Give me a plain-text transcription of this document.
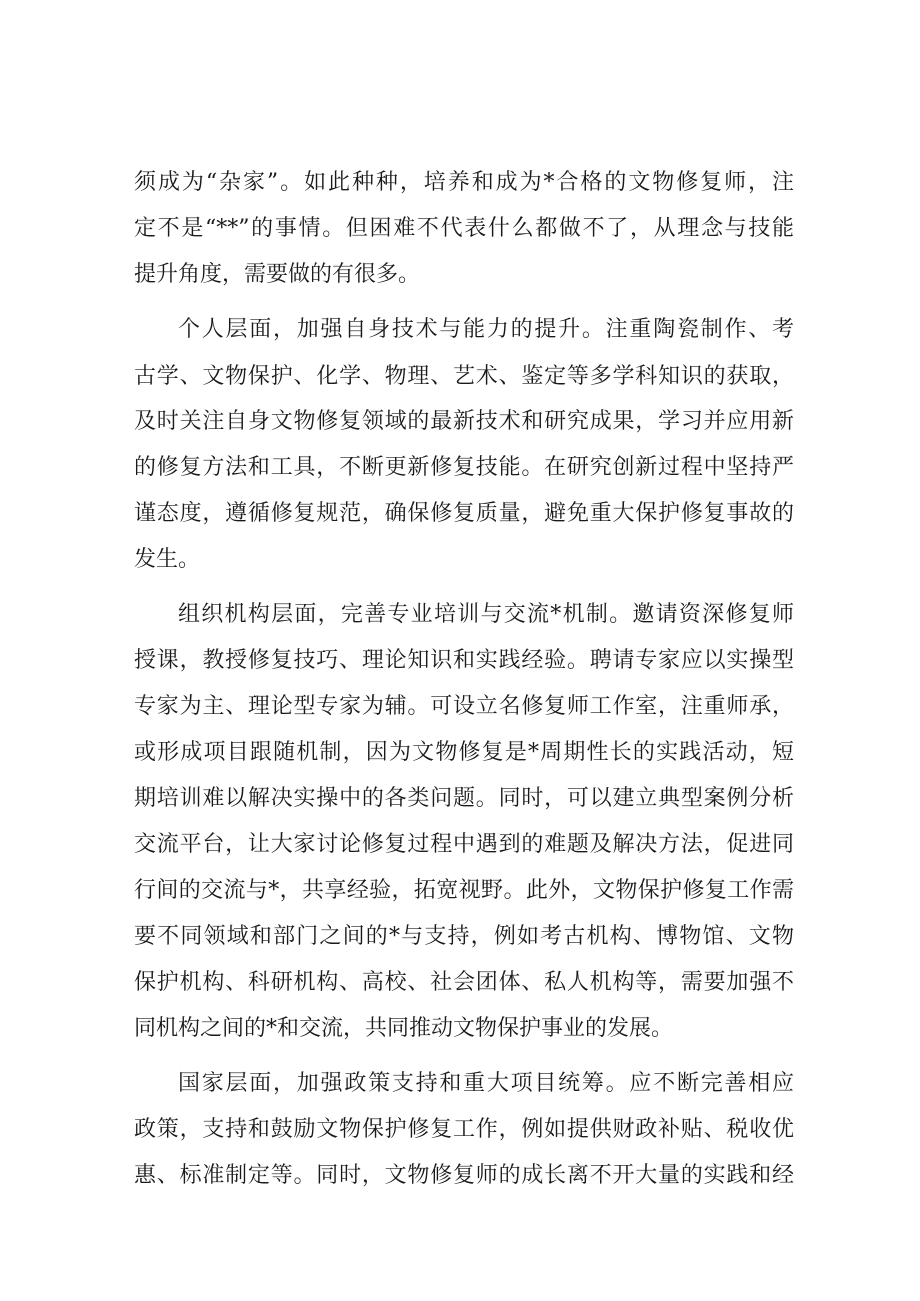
须成为“杂家”。如此种种，培养和成为*合格的文物修复师，注
定不是“**”的事情。但困难不代表什么都做不了，从理念与技能
提升角度，需要做的有很多。
个人层面，加强自身技术与能力的提升。注重陶瓷制作、考
古学、文物保护、化学、物理、艺术、鉴定等多学科知识的获取，
及时关注自身文物修复领域的最新技术和研究成果，学习并应用新
的修复方法和工具，不断更新修复技能。在研究创新过程中坚持严
谨态度，遵循修复规范，确保修复质量，避免重大保护修复事故的
发生。
组织机构层面，完善专业培训与交流*机制。邀请资深修复师
授课，教授修复技巧、理论知识和实践经验。聘请专家应以实操型
专家为主、理论型专家为辅。可设立名修复师工作室，注重师承，
或形成项目跟随机制，因为文物修复是*周期性长的实践活动，短
期培训难以解决实操中的各类问题。同时，可以建立典型案例分析
交流平台，让大家讨论修复过程中遇到的难题及解决方法，促进同
行间的交流与*，共享经验，拓宽视野。此外，文物保护修复工作需
要不同领域和部门之间的*与支持，例如考古机构、博物馆、文物
保护机构、科研机构、高校、社会团体、私人机构等，需要加强不
同机构之间的*和交流，共同推动文物保护事业的发展。
国家层面，加强政策支持和重大项目统筹。应不断完善相应
政策，支持和鼓励文物保护修复工作，例如提供财政补贴、税收优
惠、标准制定等。同时，文物修复师的成长离不开大量的实践和经
